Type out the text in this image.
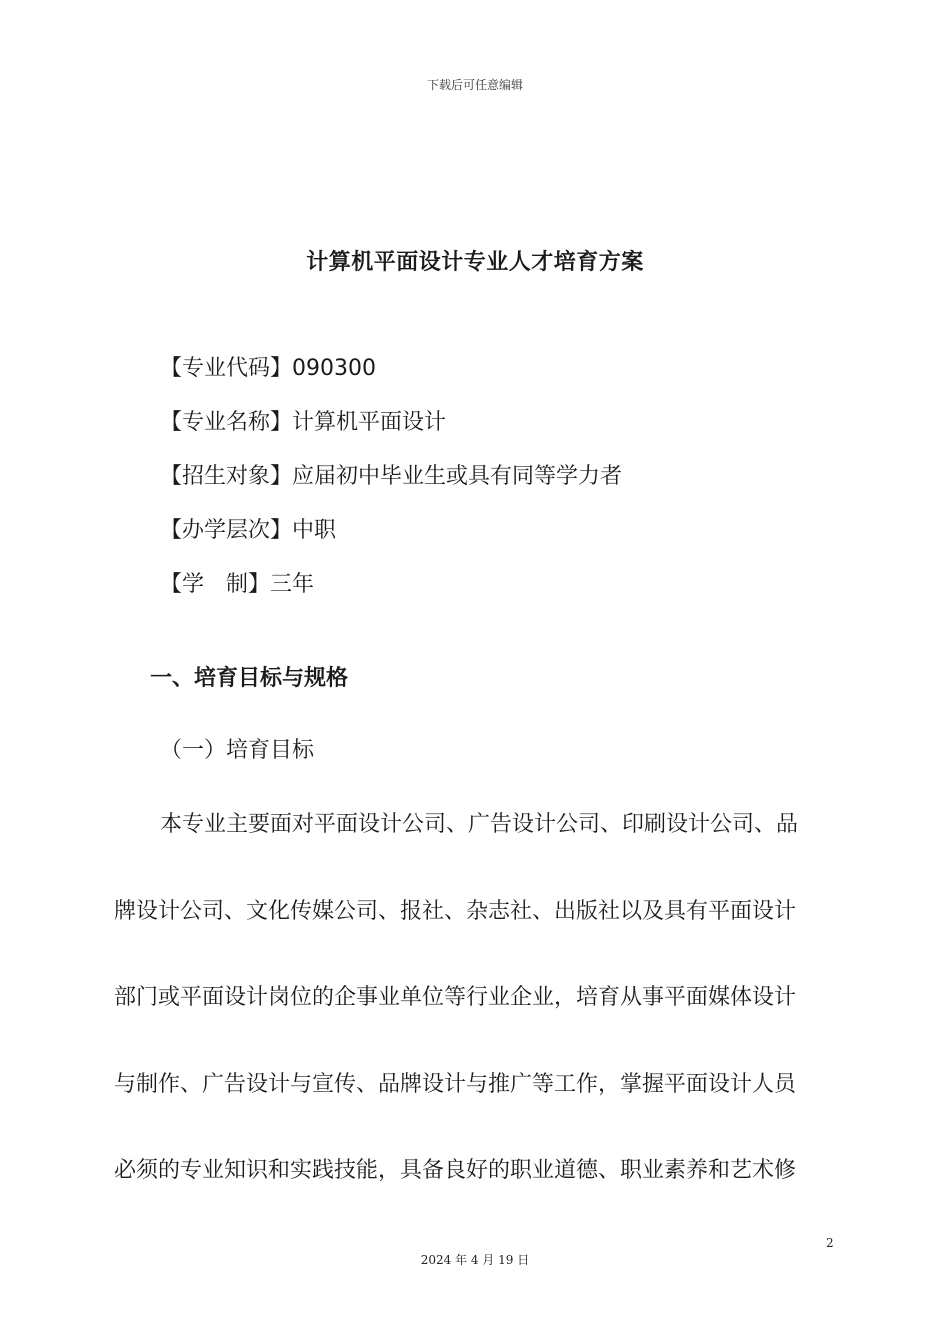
下载后可任意编辑
计算机平面设计专业人才培育方案
【专业代码】090300
【专业名称】计算机平面设计
【招生对象】应届初中毕业生或具有同等学力者
【办学层次】中职
【学　制】三年
一、培育目标与规格
（一）培育目标
本专业主要面对平面设计公司、广告设计公司、印刷设计公司、品
牌设计公司、文化传媒公司、报社、杂志社、出版社以及具有平面设计
部门或平面设计岗位的企事业单位等行业企业，培育从事平面媒体设计
与制作、广告设计与宣传、品牌设计与推广等工作，掌握平面设计人员
必须的专业知识和实践技能，具备良好的职业道德、职业素养和艺术修
2
2024 年 4 月 19 日
